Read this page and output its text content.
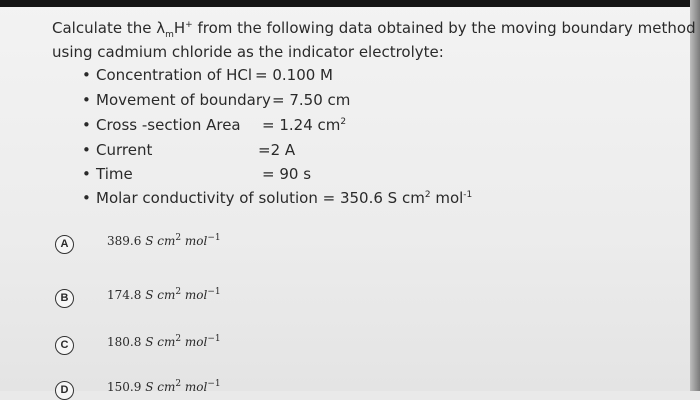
Calculate the $\lambda_mH^+$ from the following data obtained by the moving boundary method
using cadmium chloride as the indicator electrolyte:
• Concentration of HCl = 0.100 M
• Movement of boundary = 7.50 cm
• Cross -section Area = 1.24 $cm^2$
• Current	=2 A
• Time	= 90 s
• Molar conductivity of solution = 350.6 S $cm^2$ mol$^{-1}$
A	389.6 S $cm^2$ mol$^{-1}$
B	174.8 S $cm^2$ mol$^{-1}$
C	180.8 S $cm^2$ mol$^{-1}$
D	150.9 S $cm^2$ mol$^{-1}$
